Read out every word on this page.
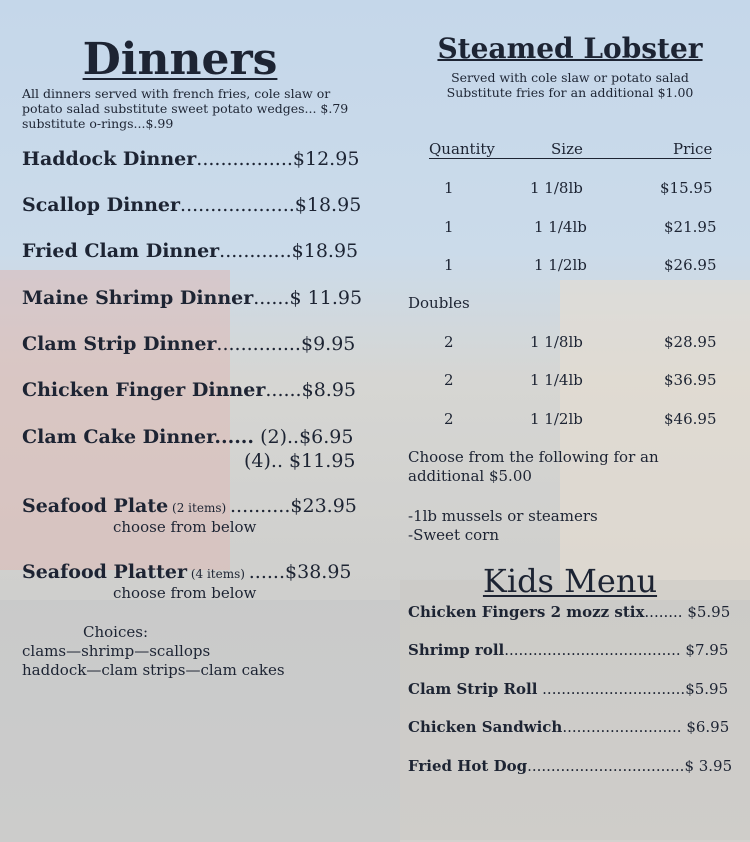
Dinners
All dinners served with french fries, cole slaw or
potato salad substitute sweet potato wedges... $.79
substitute o-rings...$.99
Haddock Dinner................$12.95
Scallop Dinner...................$18.95
Fried Clam Dinner............$18.95
Maine Shrimp Dinner......$ 11.95
Clam Strip Dinner..............$9.95
Chicken Finger Dinner......$8.95
Clam Cake Dinner...... (2)..$6.95
(4).. $11.95
Seafood Plate (2 items) ..........$23.95
choose from below
Seafood Platter (4 items) ......$38.95
choose from below
Choices:
clams—shrimp—scallops
haddock—clam strips—clam cakes
Steamed Lobster
Served with cole slaw or potato salad
Substitute fries for an additional $1.00
Quantity	Size	Price
1	1 1/8lb	$15.95
1	1 1/4lb	$21.95
1	1 1/2lb	$26.95
Doubles
2	1 1/8lb	$28.95
2	1 1/4lb	$36.95
2	1 1/2lb	$46.95
Choose from the following for an
additional $5.00
-1lb mussels or steamers
-Sweet corn
Kids Menu
Chicken Fingers 2 mozz stix........ $5.95
Shrimp roll..................................... $7.95
Clam Strip Roll ..............................$5.95
Chicken Sandwich......................... $6.95
Fried Hot Dog.................................$ 3.95
